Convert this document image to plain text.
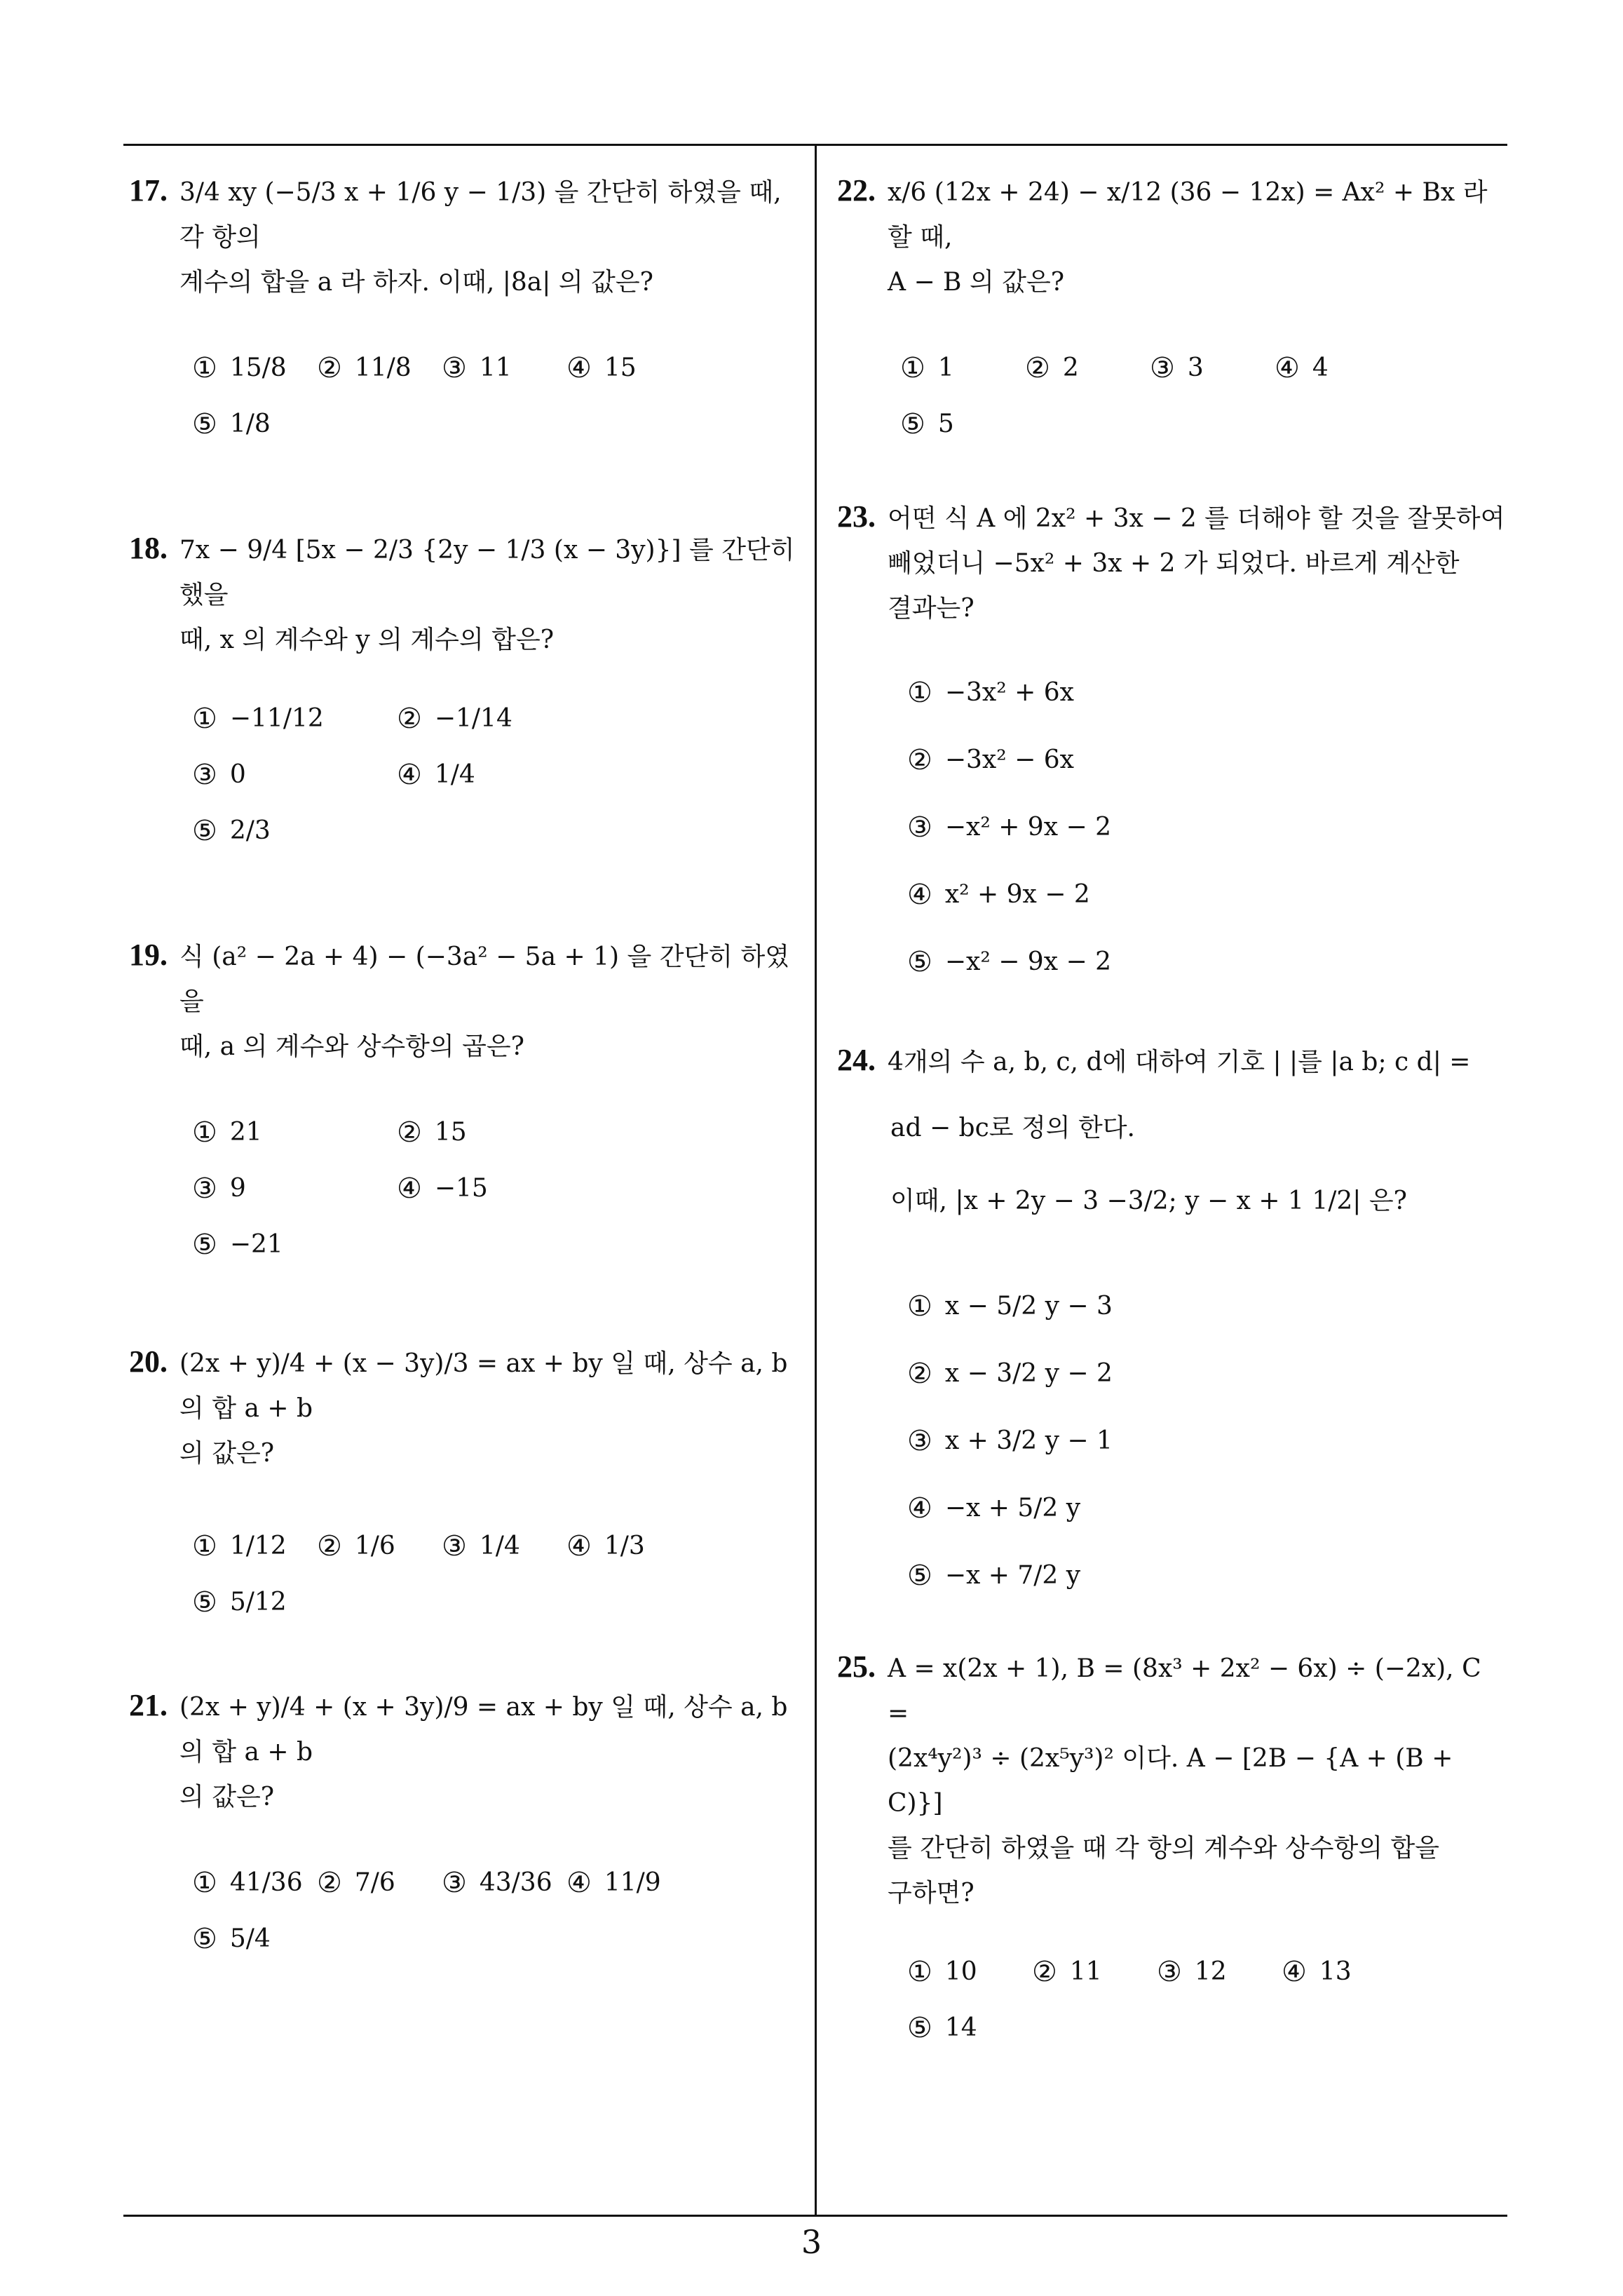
17. 3/4 xy (−5/3 x + 1/6 y − 1/3) 을 간단히 하였을 때, 각 항의
계수의 합을 a 라 하자. 이때, |8a| 의 값은?
① 15/8 ② 11/8 ③ 11 ④ 15
⑤ 1/8
18. 7x − 9/4 [5x − 2/3 {2y − 1/3 (x − 3y)}] 를 간단히 했을
때, x 의 계수와 y 의 계수의 합은?
① −11/12	② −1/14
③ 0	④ 1/4
⑤ 2/3
19. 식 (a² − 2a + 4) − (−3a² − 5a + 1) 을 간단히 하였을
때, a 의 계수와 상수항의 곱은?
① 21	② 15
③ 9	④ −15
⑤ −21
20. (2x + y)/4 + (x − 3y)/3 = ax + by 일 때, 상수 a, b의 합 a + b
의 값은?
① 1/12 ② 1/6 ③ 1/4 ④ 1/3
⑤ 5/12
21. (2x + y)/4 + (x + 3y)/9 = ax + by 일 때, 상수 a, b의 합 a + b
의 값은?
① 41/36 ② 7/6 ③ 43/36 ④ 11/9
⑤ 5/4
22. x/6 (12x + 24) − x/12 (36 − 12x) = Ax² + Bx 라 할 때,
A − B 의 값은?
① 1	② 2	③ 3	④ 4
⑤ 5
23. 어떤 식 A 에 2x² + 3x − 2 를 더해야 할 것을 잘못하여
빼었더니 −5x² + 3x + 2 가 되었다. 바르게 계산한
결과는?
① −3x² + 6x
② −3x² − 6x
③ −x² + 9x − 2
④ x² + 9x − 2
⑤ −x² − 9x − 2
24. 4개의 수 a, b, c, d에 대하여 기호 | |를 |a b; c d| =
ad − bc로 정의 한다.
이때, |x + 2y − 3 −3/2; y − x + 1 1/2| 은?
① x − 5/2 y − 3
② x − 3/2 y − 2
③ x + 3/2 y − 1
④ −x + 5/2 y
⑤ −x + 7/2 y
25. A = x(2x + 1), B = (8x³ + 2x² − 6x) ÷ (−2x), C =
(2x⁴y²)³ ÷ (2x⁵y³)² 이다. A − [2B − {A + (B + C)}]
를 간단히 하였을 때 각 항의 계수와 상수항의 합을
구하면?
① 10 ② 11 ③ 12 ④ 13
⑤ 14
3
